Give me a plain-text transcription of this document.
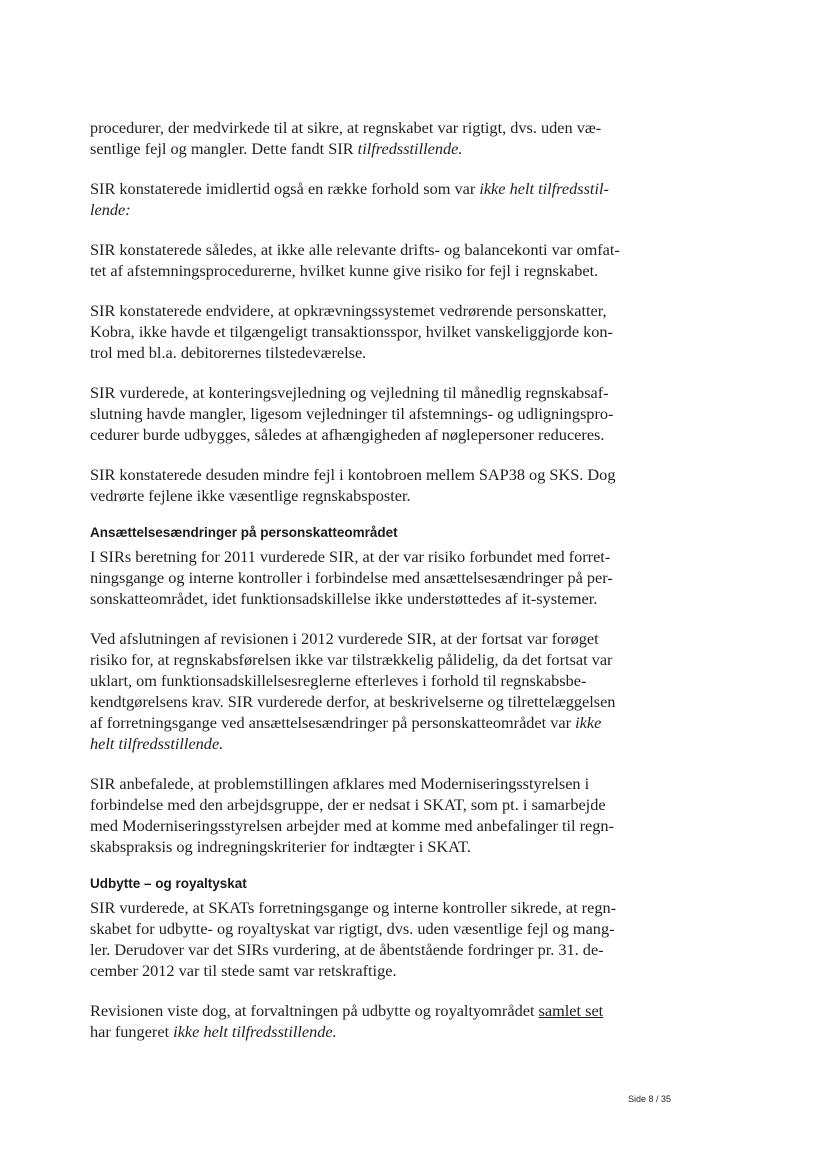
procedurer, der medvirkede til at sikre, at regnskabet var rigtigt, dvs. uden væ-
sentlige fejl og mangler. Dette fandt SIR tilfredsstillende.
SIR konstaterede imidlertid også en række forhold som var ikke helt tilfredsstil-
lende:
SIR konstaterede således, at ikke alle relevante drifts- og balancekonti var omfat-
tet af afstemningsprocedurerne, hvilket kunne give risiko for fejl i regnskabet.
SIR konstaterede endvidere, at opkrævningssystemet vedrørende personskatter,
Kobra, ikke havde et tilgængeligt transaktionsspor, hvilket vanskeliggjorde kon-
trol med bl.a. debitorernes tilstedeværelse.
SIR vurderede, at konteringsvejledning og vejledning til månedlig regnskabsaf-
slutning havde mangler, ligesom vejledninger til afstemnings- og udligningspro-
cedurer burde udbygges, således at afhængigheden af nøglepersoner reduceres.
SIR konstaterede desuden mindre fejl i kontobroen mellem SAP38 og SKS. Dog
vedrørte fejlene ikke væsentlige regnskabsposter.
Ansættelsesændringer på personskatteområdet
I SIRs beretning for 2011 vurderede SIR, at der var risiko forbundet med forret-
ningsgange og interne kontroller i forbindelse med ansættelsesændringer på per-
sonskatteområdet, idet funktionsadskillelse ikke understøttedes af it-systemer.
Ved afslutningen af revisionen i 2012 vurderede SIR, at der fortsat var forøget
risiko for, at regnskabsførelsen ikke var tilstrækkelig pålidelig, da det fortsat var
uklart, om funktionsadskillelsesreglerne efterleves i forhold til regnskabsbe-
kendtgørelsens krav. SIR vurderede derfor, at beskrivelserne og tilrettelæggelsen
af forretningsgange ved ansættelsesændringer på personskatteområdet var ikke
helt tilfredsstillende.
SIR anbefalede, at problemstillingen afklares med Moderniseringsstyrelsen i
forbindelse med den arbejdsgruppe, der er nedsat i SKAT, som pt. i samarbejde
med Moderniseringsstyrelsen arbejder med at komme med anbefalinger til regn-
skabspraksis og indregningskriterier for indtægter i SKAT.
Udbytte – og royaltyskat
SIR vurderede, at SKATs forretningsgange og interne kontroller sikrede, at regn-
skabet for udbytte- og royaltyskat var rigtigt, dvs. uden væsentlige fejl og mang-
ler. Derudover var det SIRs vurdering, at de åbentstående fordringer pr. 31. de-
cember 2012 var til stede samt var retskraftige.
Revisionen viste dog, at forvaltningen på udbytte og royaltyområdet samlet set
har fungeret ikke helt tilfredsstillende.
Side 8 / 35
